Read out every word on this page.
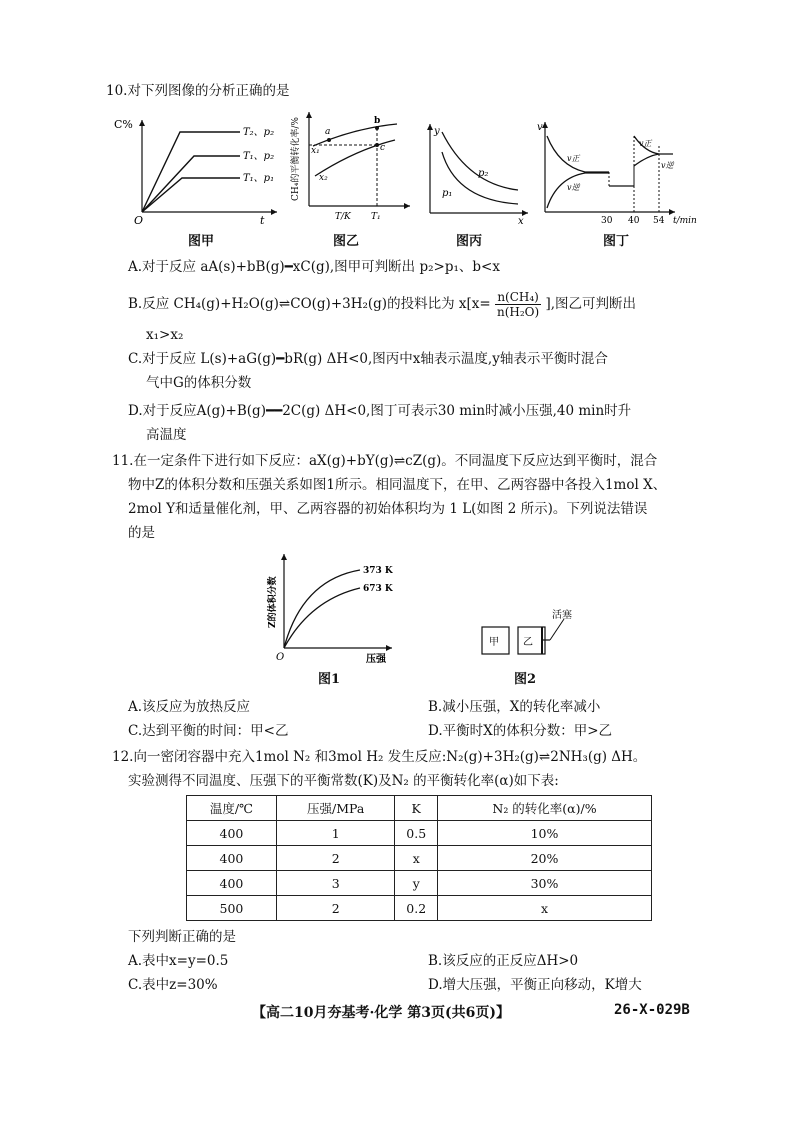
10.对下列图像的分析正确的是
C%
O	t
T₂、p₂
T₁、p₂
T₁、p₁
图甲
CH₄的平衡转化率/%	a
b
c
x₁
x₂
T/K T₁
图乙
y
x
p₂
p₁
图丙
v
v正
v逆
v正
v逆
30 40 54 t/min
图丁
A.对于反应 aA(s)+bB(g)━xC(g),图甲可判断出 p₂>p₁、b<x
B.反应 CH₄(g)+H₂O(g)⇌CO(g)+3H₂(g)的投料比为 $x[x= \frac{\text{n(CH₄)}}{\text{n(H₂O)}}$ ],图乙可判断出
x₁>x₂
C.对于反应 L(s)+aG(g)━bR(g) ΔH<0,图丙中x轴表示温度,y轴表示平衡时混合
气中G的体积分数
D.对于反应A(g)+B(g)━━2C(g) ΔH<0,图丁可表示30 min时减小压强,40 min时升
高温度
11.在一定条件下进行如下反应：aX(g)+bY(g)⇌cZ(g)。不同温度下反应达到平衡时，混合
物中Z的体积分数和压强关系如图1所示。相同温度下，在甲、乙两容器中各投入1mol X、
2mol Y和适量催化剂，甲、乙两容器的初始体积均为 1 L(如图 2 所示)。下列说法错误
的是
Z的体积分数
373 K
673 K
O	压强
图1
甲 乙
活塞
图2
A.该反应为放热反应	B.减小压强，X的转化率减小
C.达到平衡的时间：甲<乙	D.平衡时X的体积分数：甲>乙
12.向一密闭容器中充入1mol N₂ 和3mol H₂ 发生反应:N₂(g)+3H₂(g)⇌2NH₃(g) ΔH。
实验测得不同温度、压强下的平衡常数(K)及N₂ 的平衡转化率(α)如下表:
温度/℃	压强/MPa	K	N₂ 的转化率(α)/%
400	1	0.5	10%
400	2	x	20%
400	3	y	30%
500	2	0.2	x
下列判断正确的是
A.表中x=y=0.5	B.该反应的正反应ΔH>0
C.表中z=30%	D.增大压强，平衡正向移动，K增大
【高二10月夯基考·化学 第3页(共6页)】	26-X-029B
